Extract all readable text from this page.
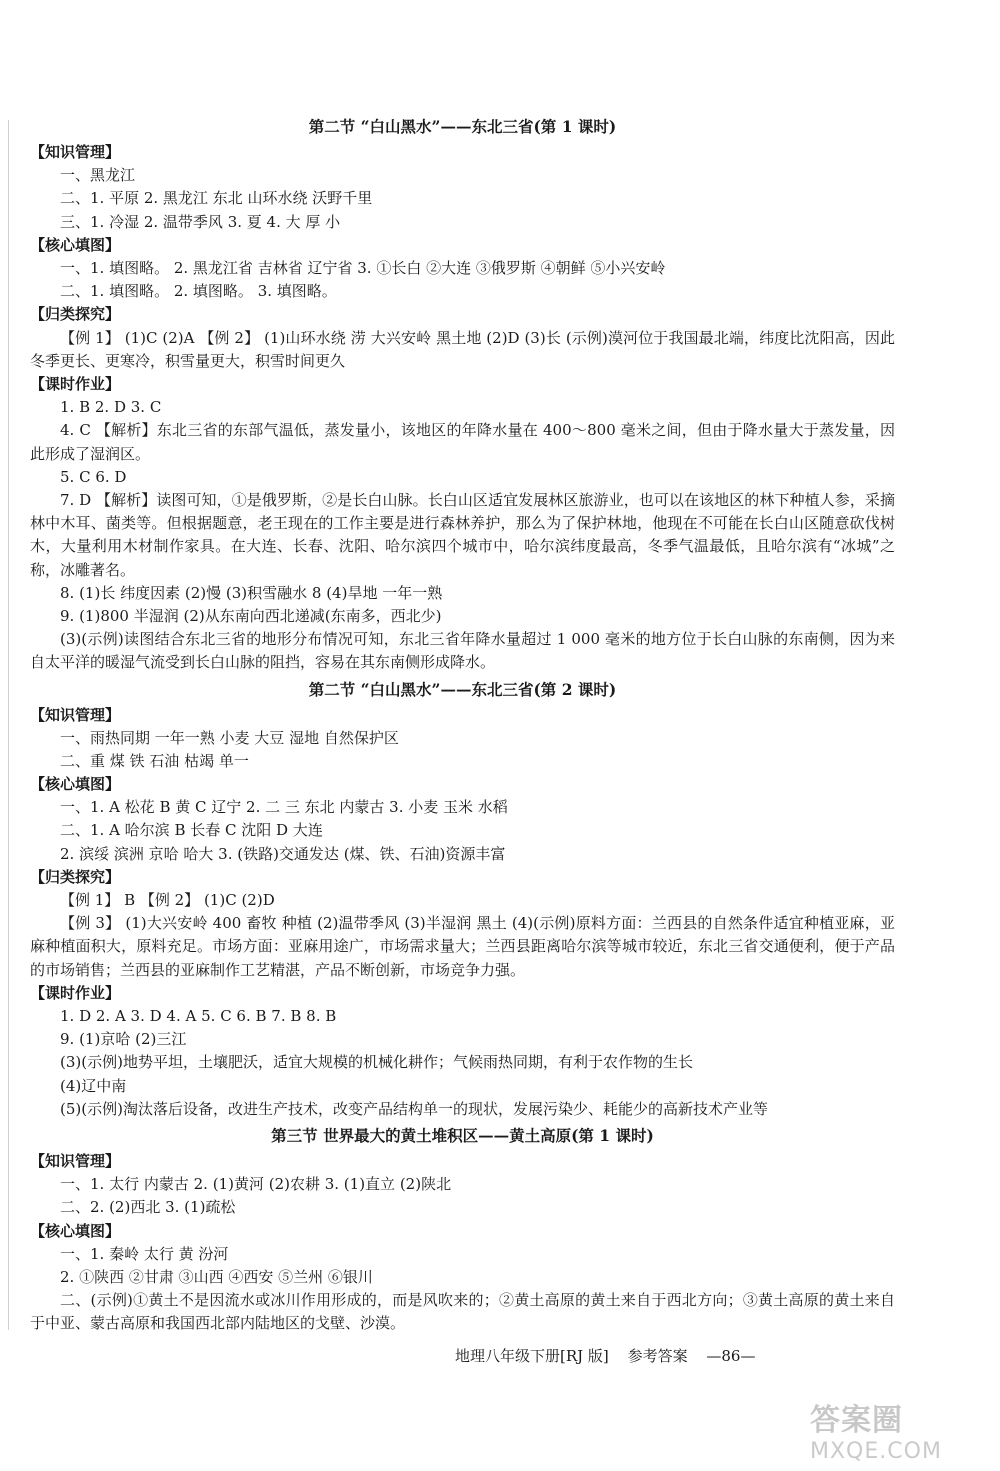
第二节 “白山黑水”——东北三省(第 1 课时)
【知识管理】
一、黑龙江
二、1. 平原 2. 黑龙江 东北 山环水绕 沃野千里
三、1. 冷湿 2. 温带季风 3. 夏 4. 大 厚 小
【核心填图】
一、1. 填图略。 2. 黑龙江省 吉林省 辽宁省 3. ①长白 ②大连 ③俄罗斯 ④朝鲜 ⑤小兴安岭
二、1. 填图略。 2. 填图略。 3. 填图略。
【归类探究】
【例 1】 (1)C (2)A 【例 2】 (1)山环水绕 涝 大兴安岭 黑土地 (2)D (3)长 (示例)漠河位于我国最北端，纬度比沈阳高，因此冬季更长、更寒冷，积雪量更大，积雪时间更久
【课时作业】
1. B 2. D 3. C
4. C 【解析】东北三省的东部气温低，蒸发量小，该地区的年降水量在 400～800 毫米之间，但由于降水量大于蒸发量，因此形成了湿润区。
5. C 6. D
7. D 【解析】读图可知，①是俄罗斯，②是长白山脉。长白山区适宜发展林区旅游业，也可以在该地区的林下种植人参，采摘林中木耳、菌类等。但根据题意，老王现在的工作主要是进行森林养护，那么为了保护林地，他现在不可能在长白山区随意砍伐树木，大量利用木材制作家具。在大连、长春、沈阳、哈尔滨四个城市中，哈尔滨纬度最高，冬季气温最低，且哈尔滨有“冰城”之称，冰雕著名。
8. (1)长 纬度因素 (2)慢 (3)积雪融水 8 (4)旱地 一年一熟
9. (1)800 半湿润 (2)从东南向西北递减(东南多，西北少)
(3)(示例)读图结合东北三省的地形分布情况可知，东北三省年降水量超过 1 000 毫米的地方位于长白山脉的东南侧，因为来自太平洋的暖湿气流受到长白山脉的阻挡，容易在其东南侧形成降水。
第二节 “白山黑水”——东北三省(第 2 课时)
【知识管理】
一、雨热同期 一年一熟 小麦 大豆 湿地 自然保护区
二、重 煤 铁 石油 枯竭 单一
【核心填图】
一、1. A 松花 B 黄 C 辽宁 2. 二 三 东北 内蒙古 3. 小麦 玉米 水稻
二、1. A 哈尔滨 B 长春 C 沈阳 D 大连
2. 滨绥 滨洲 京哈 哈大 3. (铁路)交通发达 (煤、铁、石油)资源丰富
【归类探究】
【例 1】 B 【例 2】 (1)C (2)D
【例 3】 (1)大兴安岭 400 畜牧 种植 (2)温带季风 (3)半湿润 黑土 (4)(示例)原料方面：兰西县的自然条件适宜种植亚麻，亚麻种植面积大，原料充足。市场方面：亚麻用途广，市场需求量大；兰西县距离哈尔滨等城市较近，东北三省交通便利，便于产品的市场销售；兰西县的亚麻制作工艺精湛，产品不断创新，市场竞争力强。
【课时作业】
1. D 2. A 3. D 4. A 5. C 6. B 7. B 8. B
9. (1)京哈 (2)三江
(3)(示例)地势平坦，土壤肥沃，适宜大规模的机械化耕作；气候雨热同期，有利于农作物的生长
(4)辽中南
(5)(示例)淘汰落后设备，改进生产技术，改变产品结构单一的现状，发展污染少、耗能少的高新技术产业等
第三节 世界最大的黄土堆积区——黄土高原(第 1 课时)
【知识管理】
一、1. 太行 内蒙古 2. (1)黄河 (2)农耕 3. (1)直立 (2)陕北
二、2. (2)西北 3. (1)疏松
【核心填图】
一、1. 秦岭 太行 黄 汾河
2. ①陕西 ②甘肃 ③山西 ④西安 ⑤兰州 ⑥银川
二、(示例)①黄土不是因流水或冰川作用形成的，而是风吹来的；②黄土高原的黄土来自于西北方向；③黄土高原的黄土来自于中亚、蒙古高原和我国西北部内陆地区的戈壁、沙漠。
地理八年级下册[RJ 版] 参考答案 —86—
答案圈
MXQE.COM
